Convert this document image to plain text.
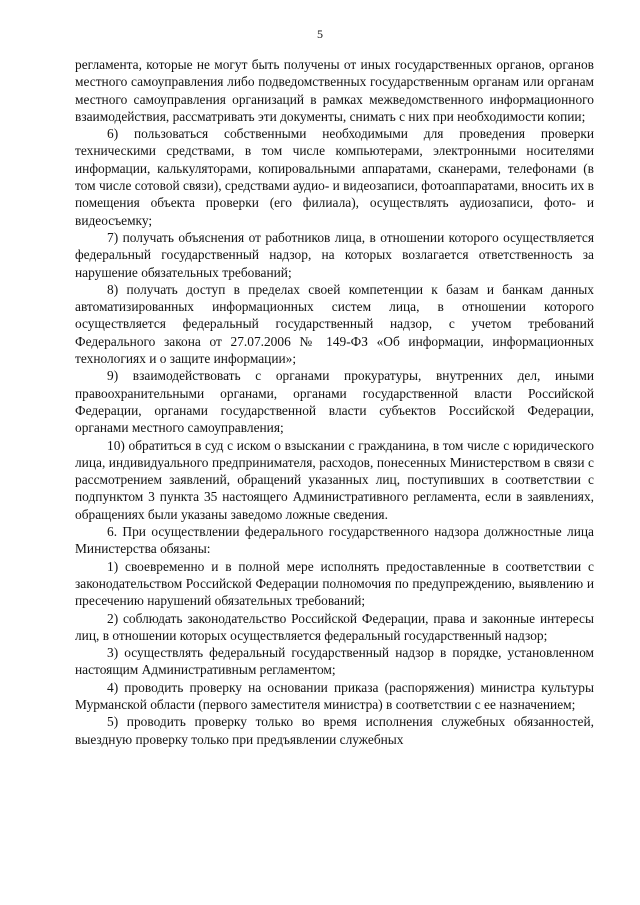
5

регламента, которые не могут быть получены от иных государственных органов, органов местного самоуправления либо подведомственных государственным органам или органам местного самоуправления организаций в рамках межведомственного информационного взаимодействия, рассматривать эти документы, снимать с них при необходимости копии;

6) пользоваться собственными необходимыми для проведения проверки техническими средствами, в том числе компьютерами, электронными носителями информации, калькуляторами, копировальными аппаратами, сканерами, телефонами (в том числе сотовой связи), средствами аудио- и видеозаписи, фотоаппаратами, вносить их в помещения объекта проверки (его филиала), осуществлять аудиозаписи, фото- и видеосъемку;

7) получать объяснения от работников лица, в отношении которого осуществляется федеральный государственный надзор, на которых возлагается ответственность за нарушение обязательных требований;

8) получать доступ в пределах своей компетенции к базам и банкам данных автоматизированных информационных систем лица, в отношении которого осуществляется федеральный государственный надзор, с учетом требований Федерального закона от 27.07.2006 № 149-ФЗ «Об информации, информационных технологиях и о защите информации»;

9) взаимодействовать с органами прокуратуры, внутренних дел, иными правоохранительными органами, органами государственной власти Российской Федерации, органами государственной власти субъектов Российской Федерации, органами местного самоуправления;

10) обратиться в суд с иском о взыскании с гражданина, в том числе с юридического лица, индивидуального предпринимателя, расходов, понесенных Министерством в связи с рассмотрением заявлений, обращений указанных лиц, поступивших в соответствии с подпунктом 3 пункта 35 настоящего Административного регламента, если в заявлениях, обращениях были указаны заведомо ложные сведения.

6. При осуществлении федерального государственного надзора должностные лица Министерства обязаны:

1) своевременно и в полной мере исполнять предоставленные в соответствии с законодательством Российской Федерации полномочия по предупреждению, выявлению и пресечению нарушений обязательных требований;

2) соблюдать законодательство Российской Федерации, права и законные интересы лиц, в отношении которых осуществляется федеральный государственный надзор;

3) осуществлять федеральный государственный надзор в порядке, установленном настоящим Административным регламентом;

4) проводить проверку на основании приказа (распоряжения) министра культуры Мурманской области (первого заместителя министра) в соответствии с ее назначением;

5) проводить проверку только во время исполнения служебных обязанностей, выездную проверку только при предъявлении служебных
